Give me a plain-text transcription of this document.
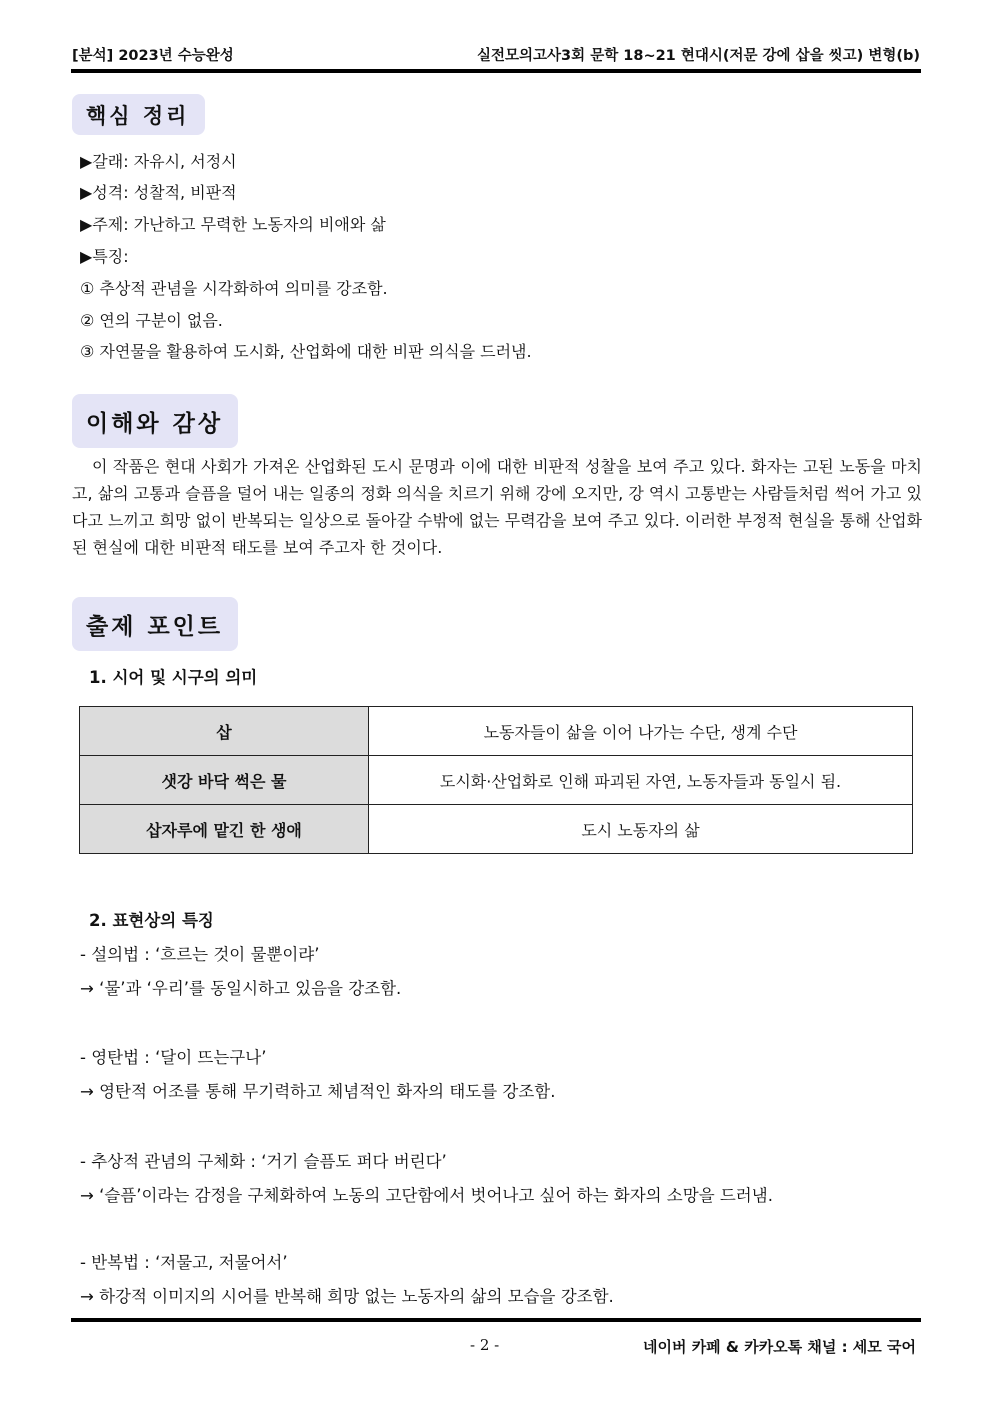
[분석] 2023년 수능완성	실전모의고사3회 문학 18~21 현대시(저문 강에 삽을 씻고) 변형(b)
핵심 정리
▶갈래: 자유시, 서정시
▶성격: 성찰적, 비판적
▶주제: 가난하고 무력한 노동자의 비애와 삶
▶특징:
① 추상적 관념을 시각화하여 의미를 강조함.
② 연의 구분이 없음.
③ 자연물을 활용하여 도시화, 산업화에 대한 비판 의식을 드러냄.
이해와 감상

이 작품은 현대 사회가 가져온 산업화된 도시 문명과 이에 대한 비판적 성찰을 보여 주고 있다. 화자는 고된 노동을 마치고, 삶의 고통과 슬픔을 덜어 내는 일종의 정화 의식을 치르기 위해 강에 오지만, 강 역시 고통받는 사람들처럼 썩어 가고 있다고 느끼고 희망 없이 반복되는 일상으로 돌아갈 수밖에 없는 무력감을 보여 주고 있다. 이러한 부정적 현실을 통해 산업화된 현실에 대한 비판적 태도를 보여 주고자 한 것이다.

출제 포인트
1. 시어 및 시구의 의미
삽	노동자들이 삶을 이어 나가는 수단, 생계 수단
샛강 바닥 썩은 물	도시화·산업화로 인해 파괴된 자연, 노동자들과 동일시 됨.
삽자루에 맡긴 한 생애	도시 노동자의 삶
2. 표현상의 특징
- 설의법 : ‘흐르는 것이 물뿐이랴’
→ ‘물’과 ‘우리’를 동일시하고 있음을 강조함.
- 영탄법 : ‘달이 뜨는구나’
→ 영탄적 어조를 통해 무기력하고 체념적인 화자의 태도를 강조함.
- 추상적 관념의 구체화 : ‘거기 슬픔도 퍼다 버린다’
→ ‘슬픔’이라는 감정을 구체화하여 노동의 고단함에서 벗어나고 싶어 하는 화자의 소망을 드러냄.
- 반복법 : ‘저물고, 저물어서’
→ 하강적 이미지의 시어를 반복해 희망 없는 노동자의 삶의 모습을 강조함.
- 2 -	네이버 카페 & 카카오톡 채널 : 세모 국어
